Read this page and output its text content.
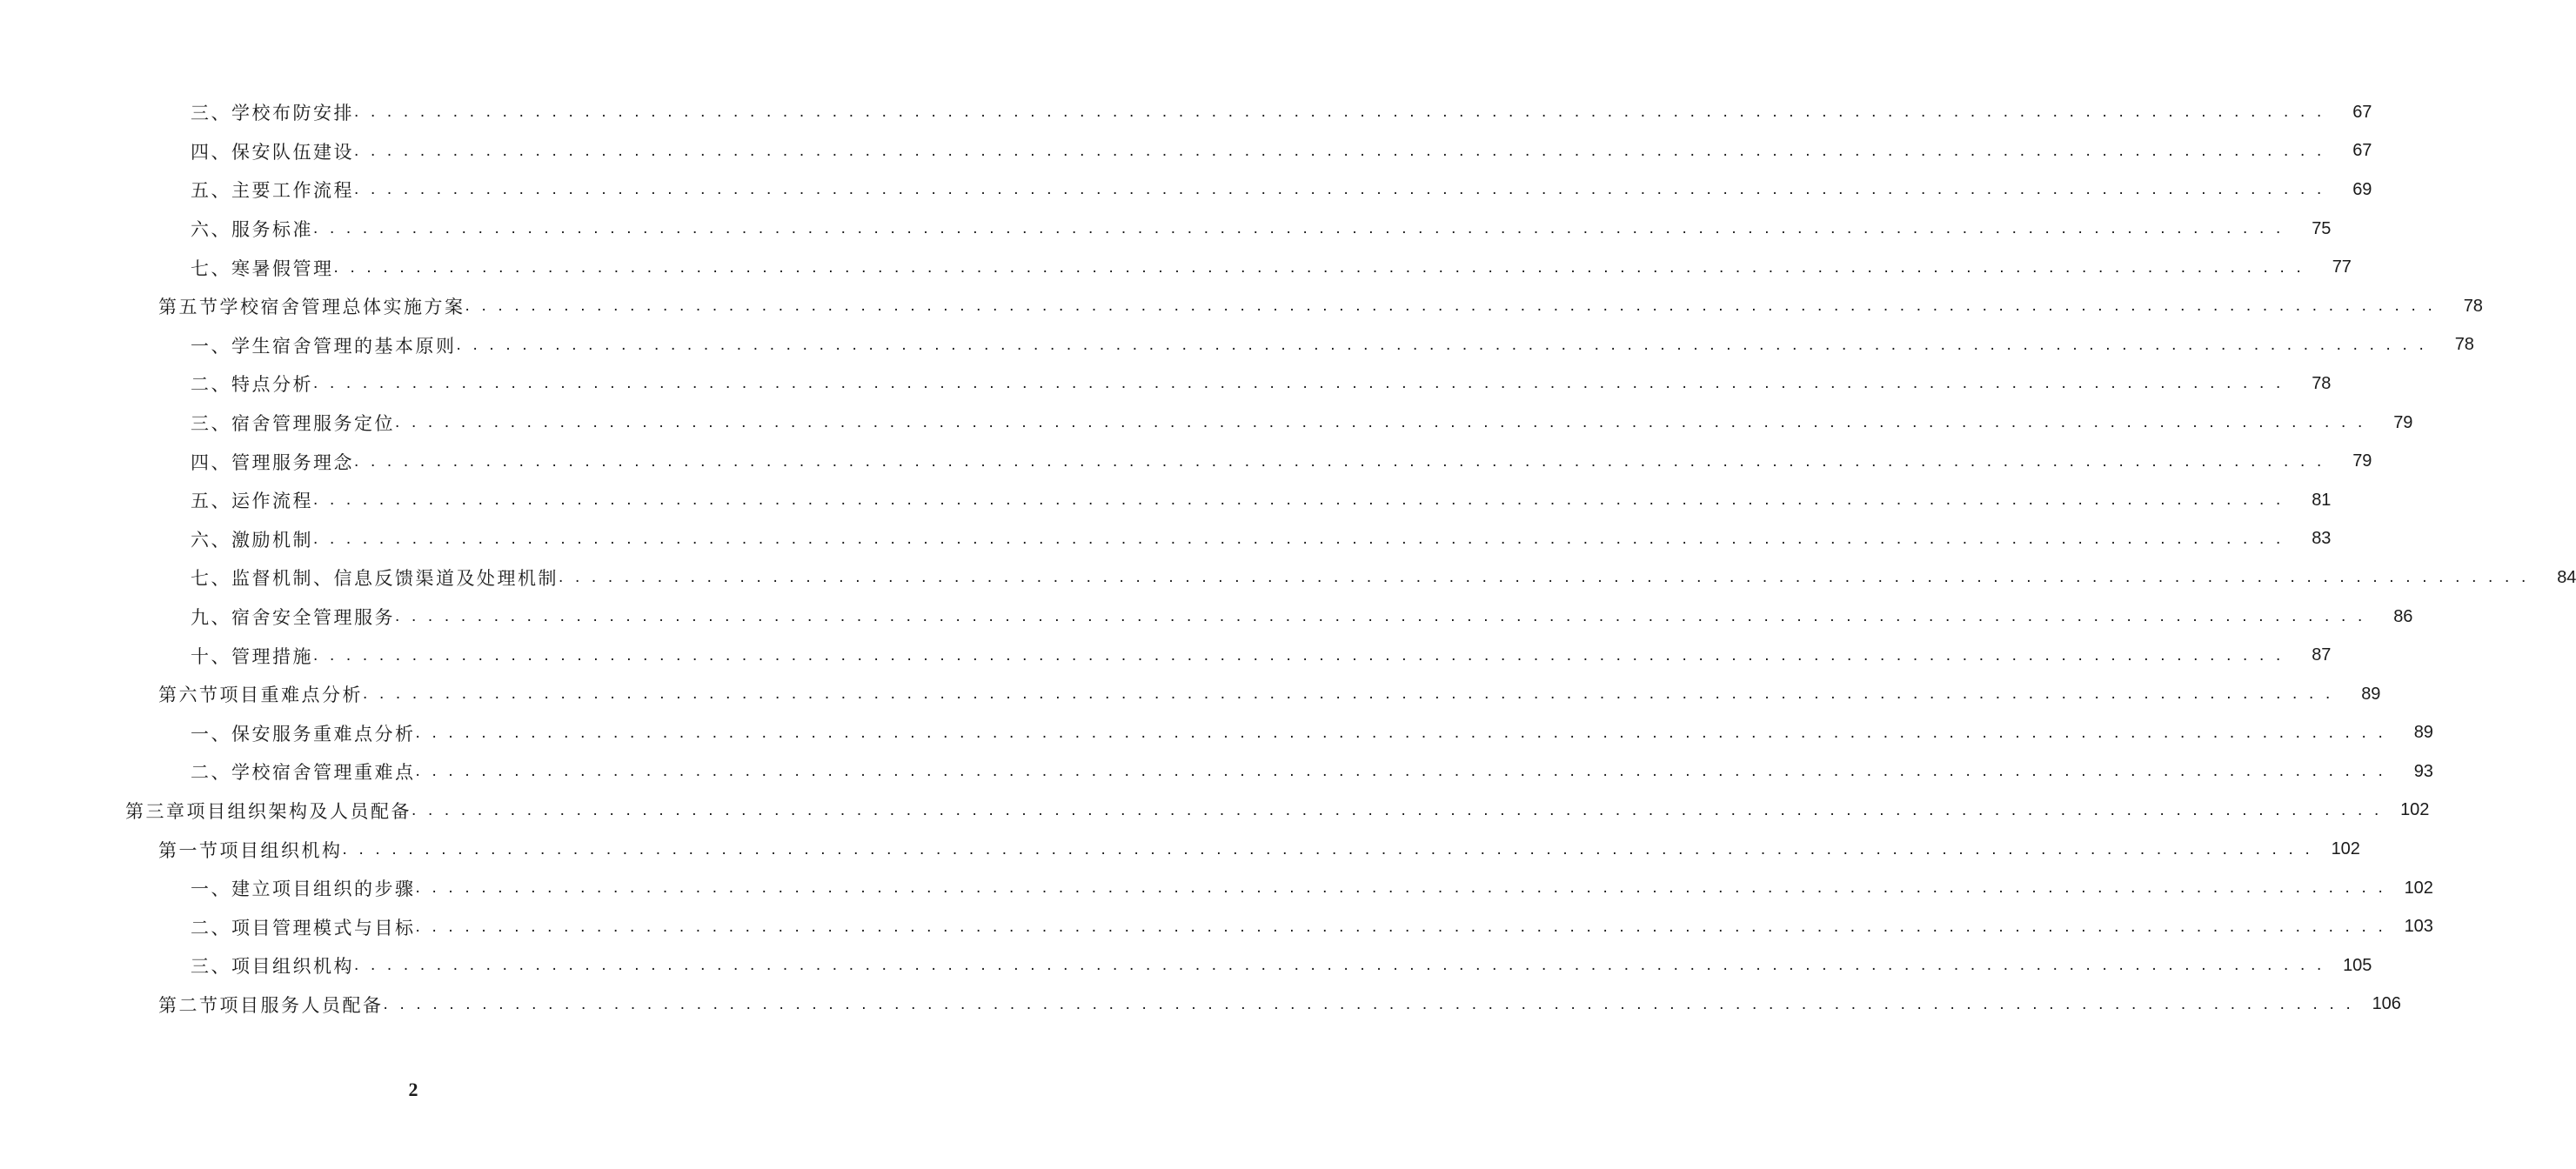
三、学校布防安排 . . . . . . . . . . . . . . . . . . . . . . . . . . . . . . . . . . . . . . . . . . . . . . . . . . . . . . . . . . . . . . . . . . . . . . . . . . . . . . . . . . . . . . . . . . . . . . . . . . . . . . . . . . . . . . . . . . . . . . . .	67
四、保安队伍建设 . . . . . . . . . . . . . . . . . . . . . . . . . . . . . . . . . . . . . . . . . . . . . . . . . . . . . . . . . . . . . . . . . . . . . . . . . . . . . . . . . . . . . . . . . . . . . . . . . . . . . . . . . . . . . . . . . . . . . . . .	67
五、主要工作流程 . . . . . . . . . . . . . . . . . . . . . . . . . . . . . . . . . . . . . . . . . . . . . . . . . . . . . . . . . . . . . . . . . . . . . . . . . . . . . . . . . . . . . . . . . . . . . . . . . . . . . . . . . . . . . . . . . . . . . . . .	69
六、服务标准 . . . . . . . . . . . . . . . . . . . . . . . . . . . . . . . . . . . . . . . . . . . . . . . . . . . . . . . . . . . . . . . . . . . . . . . . . . . . . . . . . . . . . . . . . . . . . . . . . . . . . . . . . . . . . . . . . . . . . . . .	75
七、寒暑假管理 . . . . . . . . . . . . . . . . . . . . . . . . . . . . . . . . . . . . . . . . . . . . . . . . . . . . . . . . . . . . . . . . . . . . . . . . . . . . . . . . . . . . . . . . . . . . . . . . . . . . . . . . . . . . . . . . . . . . . . . .	77
第五节学校宿舍管理总体实施方案 . . . . . . . . . . . . . . . . . . . . . . . . . . . . . . . . . . . . . . . . . . . . . . . . . . . . . . . . . . . . . . . . . . . . . . . . . . . . . . . . . . . . . . . . . . . . . . . . . . . . . . . . . . . . . . . . . . . . . . . .	78
一、学生宿舍管理的基本原则 . . . . . . . . . . . . . . . . . . . . . . . . . . . . . . . . . . . . . . . . . . . . . . . . . . . . . . . . . . . . . . . . . . . . . . . . . . . . . . . . . . . . . . . . . . . . . . . . . . . . . . . . . . . . . . . . . . . . . . . .	78
二、特点分析 . . . . . . . . . . . . . . . . . . . . . . . . . . . . . . . . . . . . . . . . . . . . . . . . . . . . . . . . . . . . . . . . . . . . . . . . . . . . . . . . . . . . . . . . . . . . . . . . . . . . . . . . . . . . . . . . . . . . . . . .	78
三、宿舍管理服务定位 . . . . . . . . . . . . . . . . . . . . . . . . . . . . . . . . . . . . . . . . . . . . . . . . . . . . . . . . . . . . . . . . . . . . . . . . . . . . . . . . . . . . . . . . . . . . . . . . . . . . . . . . . . . . . . . . . . . . . . . .	79
四、管理服务理念 . . . . . . . . . . . . . . . . . . . . . . . . . . . . . . . . . . . . . . . . . . . . . . . . . . . . . . . . . . . . . . . . . . . . . . . . . . . . . . . . . . . . . . . . . . . . . . . . . . . . . . . . . . . . . . . . . . . . . . . .	79
五、运作流程 . . . . . . . . . . . . . . . . . . . . . . . . . . . . . . . . . . . . . . . . . . . . . . . . . . . . . . . . . . . . . . . . . . . . . . . . . . . . . . . . . . . . . . . . . . . . . . . . . . . . . . . . . . . . . . . . . . . . . . . .	81
六、激励机制 . . . . . . . . . . . . . . . . . . . . . . . . . . . . . . . . . . . . . . . . . . . . . . . . . . . . . . . . . . . . . . . . . . . . . . . . . . . . . . . . . . . . . . . . . . . . . . . . . . . . . . . . . . . . . . . . . . . . . . . .	83
七、监督机制、信息反馈渠道及处理机制 . . . . . . . . . . . . . . . . . . . . . . . . . . . . . . . . . . . . . . . . . . . . . . . . . . . . . . . . . . . . . . . . . . . . . . . . . . . . . . . . . . . . . . . . . . . . . . . . . . . . . . . . . . . . . . . . . . . . . . . .	84
九、宿舍安全管理服务 . . . . . . . . . . . . . . . . . . . . . . . . . . . . . . . . . . . . . . . . . . . . . . . . . . . . . . . . . . . . . . . . . . . . . . . . . . . . . . . . . . . . . . . . . . . . . . . . . . . . . . . . . . . . . . . . . . . . . . . .	86
十、管理措施 . . . . . . . . . . . . . . . . . . . . . . . . . . . . . . . . . . . . . . . . . . . . . . . . . . . . . . . . . . . . . . . . . . . . . . . . . . . . . . . . . . . . . . . . . . . . . . . . . . . . . . . . . . . . . . . . . . . . . . . .	87
第六节项目重难点分析 . . . . . . . . . . . . . . . . . . . . . . . . . . . . . . . . . . . . . . . . . . . . . . . . . . . . . . . . . . . . . . . . . . . . . . . . . . . . . . . . . . . . . . . . . . . . . . . . . . . . . . . . . . . . . . . . . . . . . . . .	89
一、保安服务重难点分析 . . . . . . . . . . . . . . . . . . . . . . . . . . . . . . . . . . . . . . . . . . . . . . . . . . . . . . . . . . . . . . . . . . . . . . . . . . . . . . . . . . . . . . . . . . . . . . . . . . . . . . . . . . . . . . . . . . . . . . . .	89
二、学校宿舍管理重难点 . . . . . . . . . . . . . . . . . . . . . . . . . . . . . . . . . . . . . . . . . . . . . . . . . . . . . . . . . . . . . . . . . . . . . . . . . . . . . . . . . . . . . . . . . . . . . . . . . . . . . . . . . . . . . . . . . . . . . . . .	93
第三章项目组织架构及人员配备 . . . . . . . . . . . . . . . . . . . . . . . . . . . . . . . . . . . . . . . . . . . . . . . . . . . . . . . . . . . . . . . . . . . . . . . . . . . . . . . . . . . . . . . . . . . . . . . . . . . . . . . . . . . . . . . . . . . . . . . .	102
第一节项目组织机构 . . . . . . . . . . . . . . . . . . . . . . . . . . . . . . . . . . . . . . . . . . . . . . . . . . . . . . . . . . . . . . . . . . . . . . . . . . . . . . . . . . . . . . . . . . . . . . . . . . . . . . . . . . . . . . . . . . . . . . . .	102
一、建立项目组织的步骤 . . . . . . . . . . . . . . . . . . . . . . . . . . . . . . . . . . . . . . . . . . . . . . . . . . . . . . . . . . . . . . . . . . . . . . . . . . . . . . . . . . . . . . . . . . . . . . . . . . . . . . . . . . . . . . . . . . . . . . . .	102
二、项目管理模式与目标 . . . . . . . . . . . . . . . . . . . . . . . . . . . . . . . . . . . . . . . . . . . . . . . . . . . . . . . . . . . . . . . . . . . . . . . . . . . . . . . . . . . . . . . . . . . . . . . . . . . . . . . . . . . . . . . . . . . . . . . .	103
三、项目组织机构 . . . . . . . . . . . . . . . . . . . . . . . . . . . . . . . . . . . . . . . . . . . . . . . . . . . . . . . . . . . . . . . . . . . . . . . . . . . . . . . . . . . . . . . . . . . . . . . . . . . . . . . . . . . . . . . . . . . . . . . .	105
第二节项目服务人员配备 . . . . . . . . . . . . . . . . . . . . . . . . . . . . . . . . . . . . . . . . . . . . . . . . . . . . . . . . . . . . . . . . . . . . . . . . . . . . . . . . . . . . . . . . . . . . . . . . . . . . . . . . . . . . . . . . . . . . . . . .	106
2
